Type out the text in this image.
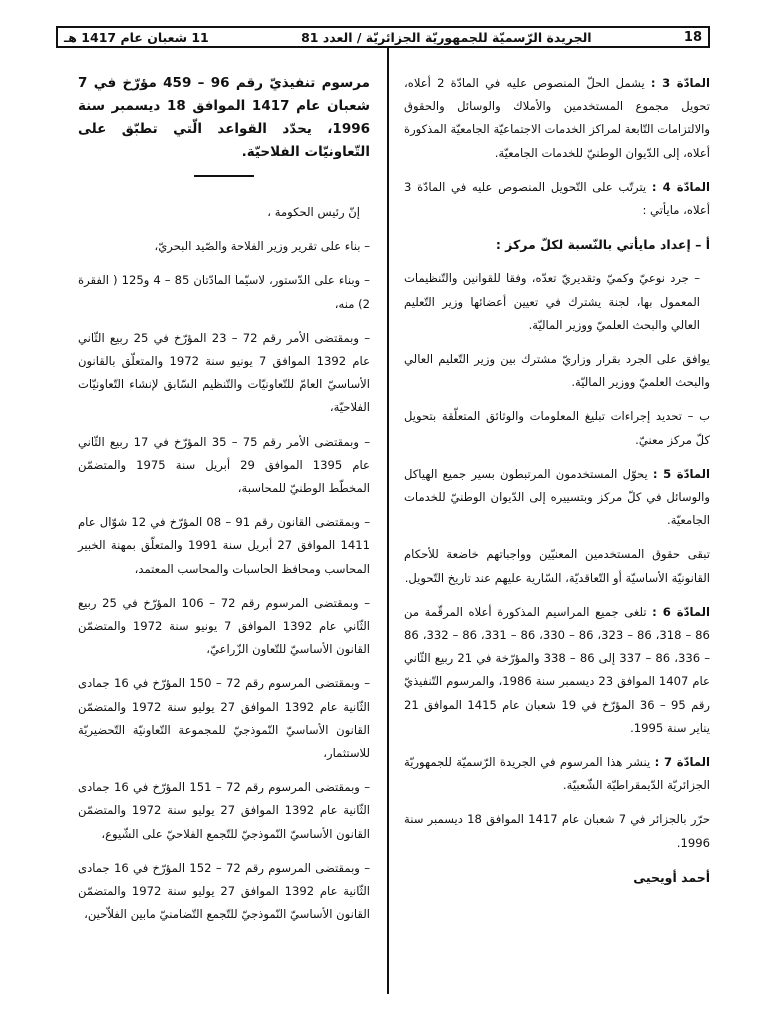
18
الجريدة الرّسميّة للجمهوريّة الجزائريّة / العدد 81
11 شعبان عام 1417 هـ

المادّة 3 : يشمل الحلّ المنصوص عليه في المادّة 2 أعلاه، تحويل مجموع المستخدمين والأملاك والوسائل والحقوق والالتزامات التّابعة لمراكز الخدمات الاجتماعيّة الجامعيّة المذكورة أعلاه، إلى الدّيوان الوطنيّ للخدمات الجامعيّة.

المادّة 4 : يترتّب على التّحويل المنصوص عليه في المادّة 3 أعلاه، مايأتي :

أ – إعداد مايأتي بالنّسبة لكلّ مركز :

– جرد نوعيّ وكميّ وتقديريّ تعدّه، وفقا للقوانين والتّنظيمات المعمول بها، لجنة يشترك في تعيين أعضائها وزير التّعليم العالي والبحث العلميّ ووزير الماليّة.

يوافق على الجرد بقرار وزاريّ مشترك بين وزير التّعليم العالي والبحث العلميّ ووزير الماليّة.

ب – تحديد إجراءات تبليغ المعلومات والوثائق المتعلّقة بتحويل كلّ مركز معنيّ.

المادّة 5 : يحوّل المستخدمون المرتبطون بسير جميع الهياكل والوسائل في كلّ مركز وبتسييره إلى الدّيوان الوطنيّ للخدمات الجامعيّة.

تبقى حقوق المستخدمين المعنيّين وواجباتهم خاضعة للأحكام القانونيّة الأساسيّة أو التّعاقديّة، السّارية عليهم عند تاريخ التّحويل.

المادّة 6 : تلغى جميع المراسيم المذكورة أعلاه المرقّمة من 86 – 318، 86 – 323، 86 – 330، 86 – 331، 86 – 332، 86 – 336، 86 – 337 إلى 86 – 338 والمؤرّخة في 21 ربيع الثّاني عام 1407 الموافق 23 ديسمبر سنة 1986، والمرسوم التّنفيذيّ رقم 95 – 36 المؤرّخ في 19 شعبان عام 1415 الموافق 21 يناير سنة 1995.

المادّة 7 : ينشر هذا المرسوم في الجريدة الرّسميّة للجمهوريّة الجزائريّة الدّيمقراطيّة الشّعبيّة.

حرّر بالجزائر في 7 شعبان عام 1417 الموافق 18 ديسمبر سنة 1996.

أحمد أويحيى

مرسوم تنفيذيّ رقم 96 – 459 مؤرّخ في 7 شعبان عام 1417 الموافق 18 ديسمبر سنة 1996، يحدّد القواعد الّتي تطبّق على التّعاونيّات الفلاحيّة.

إنّ رئيس الحكومة ،

– بناء على تقرير وزير الفلاحة والصّيد البحريّ،

– وبناء على الدّستور، لاسيّما المادّتان 85 – 4 و125 ( الفقرة 2) منه،

– وبمقتضى الأمر رقم 72 – 23 المؤرّخ في 25 ربيع الثّاني عام 1392 الموافق 7 يونيو سنة 1972 والمتعلّق بالقانون الأساسيّ العامّ للتّعاونيّات والتّنظيم السّابق لإنشاء التّعاونيّات الفلاحيّة،

– وبمقتضى الأمر رقم 75 – 35 المؤرّخ في 17 ربيع الثّاني عام 1395 الموافق 29 أبريل سنة 1975 والمتضمّن المخطّط الوطنيّ للمحاسبة،

– وبمقتضى القانون رقم 91 – 08 المؤرّخ في 12 شوّال عام 1411 الموافق 27 أبريل سنة 1991 والمتعلّق بمهنة الخبير المحاسب ومحافظ الحاسبات والمحاسب المعتمد،

– وبمقتضى المرسوم رقم 72 – 106 المؤرّخ في 25 ربيع الثّاني عام 1392 الموافق 7 يونيو سنة 1972 والمتضمّن القانون الأساسيّ للتّعاون الزّراعيّ،

– وبمقتضى المرسوم رقم 72 – 150 المؤرّخ في 16 جمادى الثّانية عام 1392 الموافق 27 يوليو سنة 1972 والمتضمّن القانون الأساسيّ النّموذجيّ للمجموعة التّعاونيّة التّحضيريّة للاستثمار،

– وبمقتضى المرسوم رقم 72 – 151 المؤرّخ في 16 جمادى الثّانية عام 1392 الموافق 27 يوليو سنة 1972 والمتضمّن القانون الأساسيّ النّموذجيّ للتّجمع الفلاحيّ على الشّيوع،

– وبمقتضى المرسوم رقم 72 – 152 المؤرّخ في 16 جمادى الثّانية عام 1392 الموافق 27 يوليو سنة 1972 والمتضمّن القانون الأساسيّ النّموذجيّ للتّجمع التّضامنيّ مابين الفلاّحين،
